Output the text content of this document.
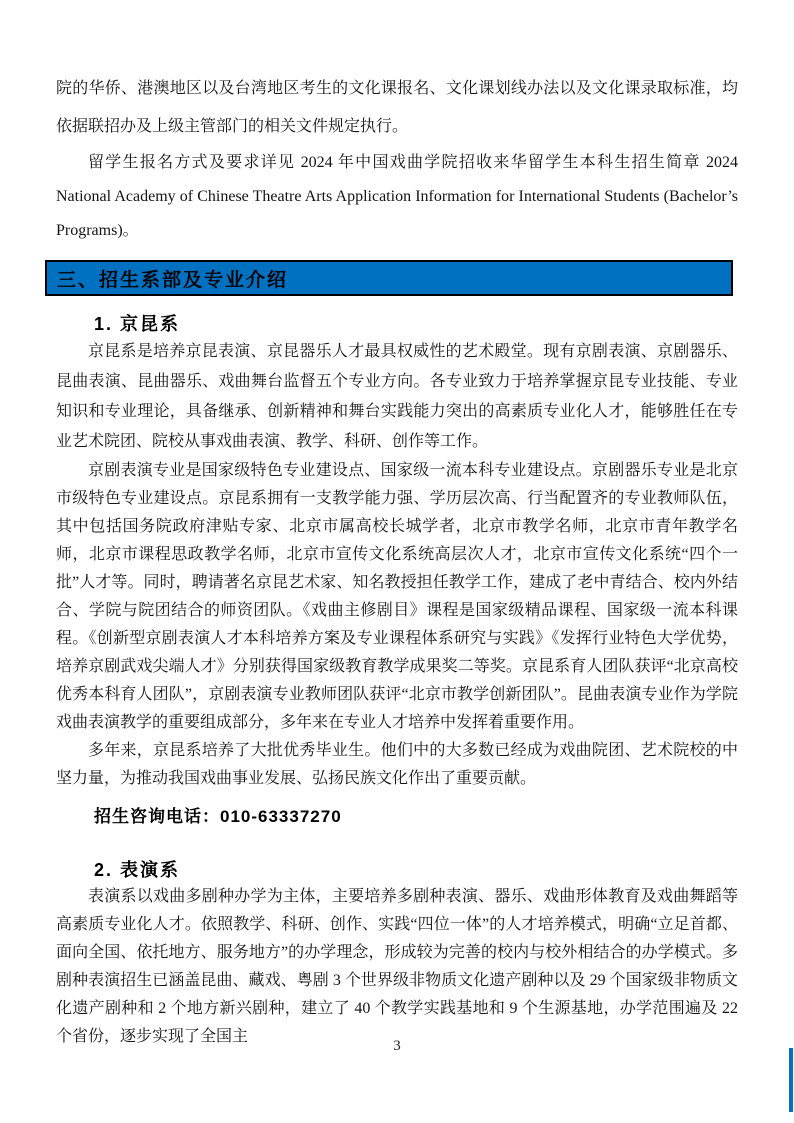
院的华侨、港澳地区以及台湾地区考生的文化课报名、文化课划线办法以及文化课录取标准，均依据联招办及上级主管部门的相关文件规定执行。

留学生报名方式及要求详见 2024 年中国戏曲学院招收来华留学生本科生招生简章 2024 National Academy of Chinese Theatre Arts Application Information for International Students (Bachelor’s Programs)。

三、招生系部及专业介绍
1. 京昆系

京昆系是培养京昆表演、京昆器乐人才最具权威性的艺术殿堂。现有京剧表演、京剧器乐、昆曲表演、昆曲器乐、戏曲舞台监督五个专业方向。各专业致力于培养掌握京昆专业技能、专业知识和专业理论，具备继承、创新精神和舞台实践能力突出的高素质专业化人才，能够胜任在专业艺术院团、院校从事戏曲表演、教学、科研、创作等工作。

京剧表演专业是国家级特色专业建设点、国家级一流本科专业建设点。京剧器乐专业是北京市级特色专业建设点。京昆系拥有一支教学能力强、学历层次高、行当配置齐的专业教师队伍，其中包括国务院政府津贴专家、北京市属高校长城学者，北京市教学名师，北京市青年教学名师，北京市课程思政教学名师，北京市宣传文化系统高层次人才，北京市宣传文化系统“四个一批”人才等。同时，聘请著名京昆艺术家、知名教授担任教学工作，建成了老中青结合、校内外结合、学院与院团结合的师资团队。《戏曲主修剧目》课程是国家级精品课程、国家级一流本科课程。《创新型京剧表演人才本科培养方案及专业课程体系研究与实践》《发挥行业特色大学优势，培养京剧武戏尖端人才》分别获得国家级教育教学成果奖二等奖。京昆系育人团队获评“北京高校优秀本科育人团队”，京剧表演专业教师团队获评“北京市教学创新团队”。昆曲表演专业作为学院戏曲表演教学的重要组成部分，多年来在专业人才培养中发挥着重要作用。

多年来，京昆系培养了大批优秀毕业生。他们中的大多数已经成为戏曲院团、艺术院校的中坚力量，为推动我国戏曲事业发展、弘扬民族文化作出了重要贡献。

招生咨询电话：010-63337270
2. 表演系

表演系以戏曲多剧种办学为主体，主要培养多剧种表演、器乐、戏曲形体教育及戏曲舞蹈等高素质专业化人才。依照教学、科研、创作、实践“四位一体”的人才培养模式，明确“立足首都、面向全国、依托地方、服务地方”的办学理念，形成较为完善的校内与校外相结合的办学模式。多剧种表演招生已涵盖昆曲、藏戏、粤剧 3 个世界级非物质文化遗产剧种以及 29 个国家级非物质文化遗产剧种和 2 个地方新兴剧种，建立了 40 个教学实践基地和 9 个生源基地，办学范围遍及 22 个省份，逐步实现了全国主

3
